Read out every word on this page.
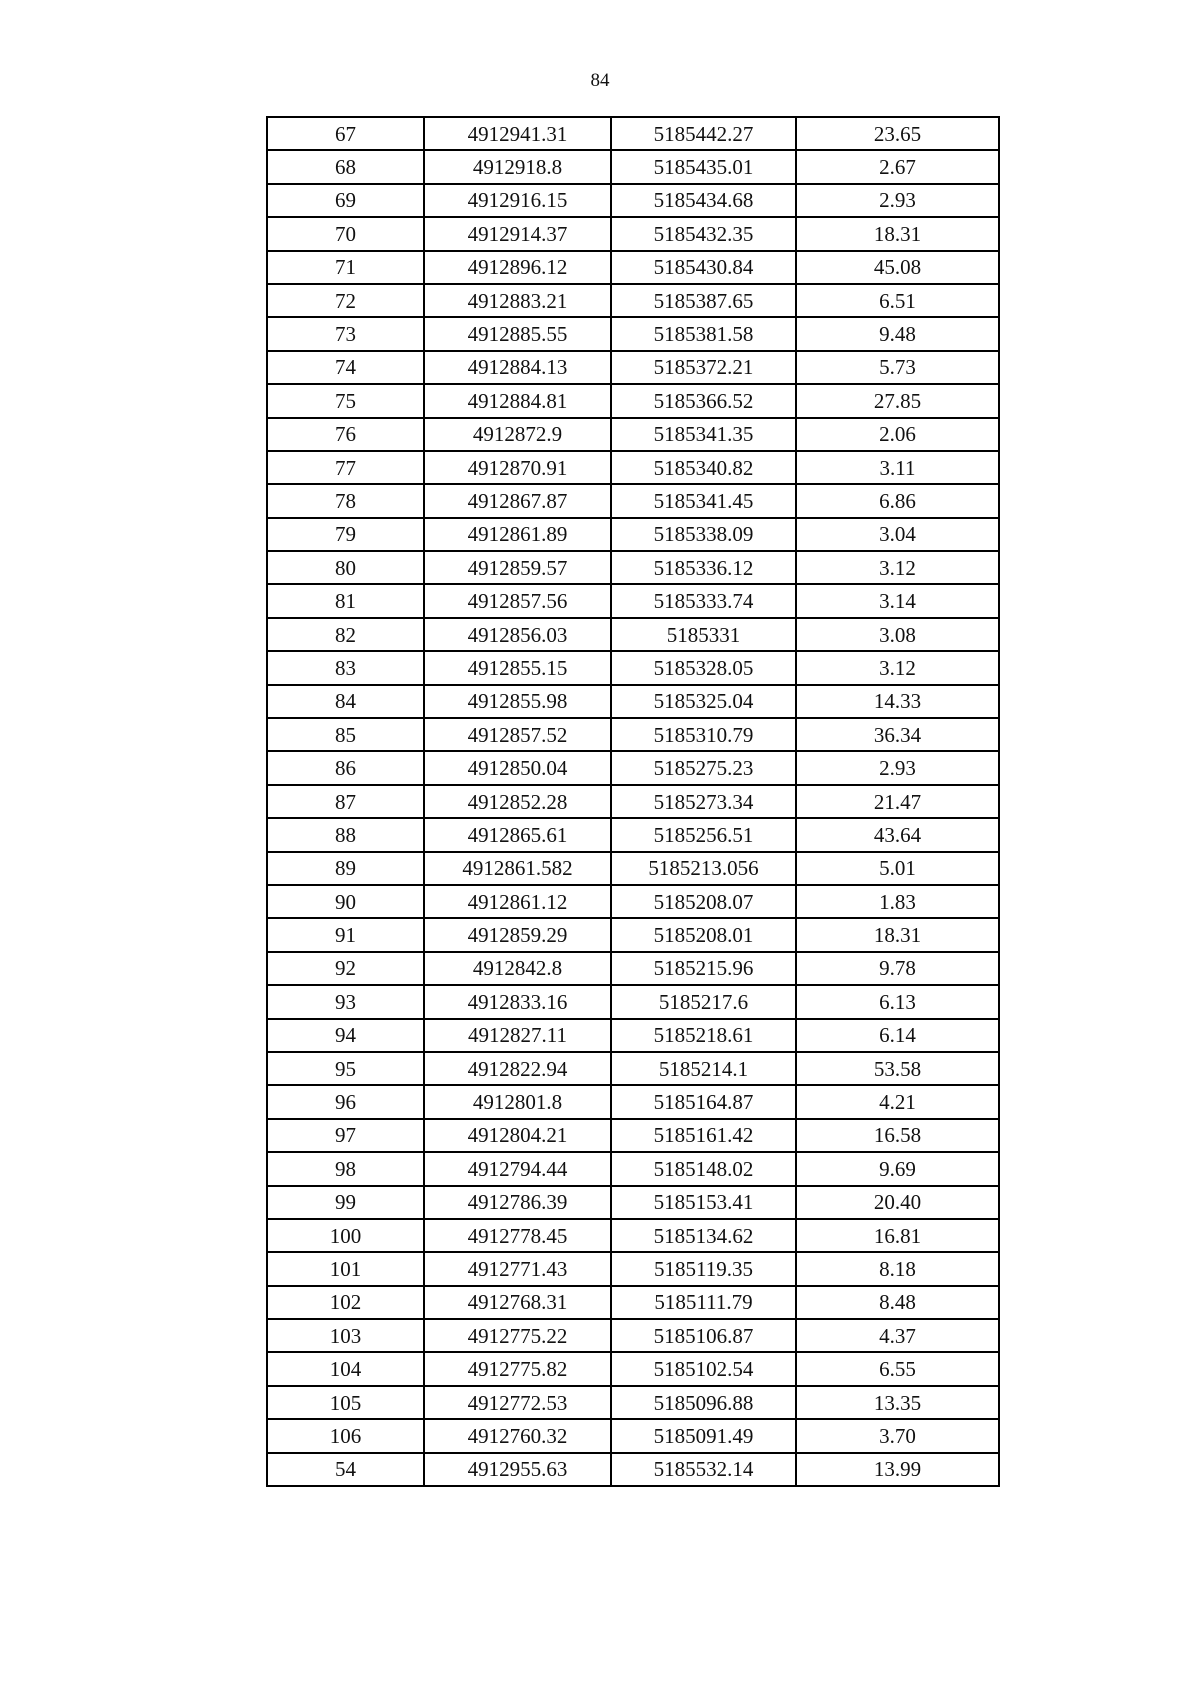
84
67	4912941.31	5185442.27	23.65
68	4912918.8	5185435.01	2.67
69	4912916.15	5185434.68	2.93
70	4912914.37	5185432.35	18.31
71	4912896.12	5185430.84	45.08
72	4912883.21	5185387.65	6.51
73	4912885.55	5185381.58	9.48
74	4912884.13	5185372.21	5.73
75	4912884.81	5185366.52	27.85
76	4912872.9	5185341.35	2.06
77	4912870.91	5185340.82	3.11
78	4912867.87	5185341.45	6.86
79	4912861.89	5185338.09	3.04
80	4912859.57	5185336.12	3.12
81	4912857.56	5185333.74	3.14
82	4912856.03	5185331	3.08
83	4912855.15	5185328.05	3.12
84	4912855.98	5185325.04	14.33
85	4912857.52	5185310.79	36.34
86	4912850.04	5185275.23	2.93
87	4912852.28	5185273.34	21.47
88	4912865.61	5185256.51	43.64
89	4912861.582	5185213.056	5.01
90	4912861.12	5185208.07	1.83
91	4912859.29	5185208.01	18.31
92	4912842.8	5185215.96	9.78
93	4912833.16	5185217.6	6.13
94	4912827.11	5185218.61	6.14
95	4912822.94	5185214.1	53.58
96	4912801.8	5185164.87	4.21
97	4912804.21	5185161.42	16.58
98	4912794.44	5185148.02	9.69
99	4912786.39	5185153.41	20.40
100	4912778.45	5185134.62	16.81
101	4912771.43	5185119.35	8.18
102	4912768.31	5185111.79	8.48
103	4912775.22	5185106.87	4.37
104	4912775.82	5185102.54	6.55
105	4912772.53	5185096.88	13.35
106	4912760.32	5185091.49	3.70
54	4912955.63	5185532.14	13.99
